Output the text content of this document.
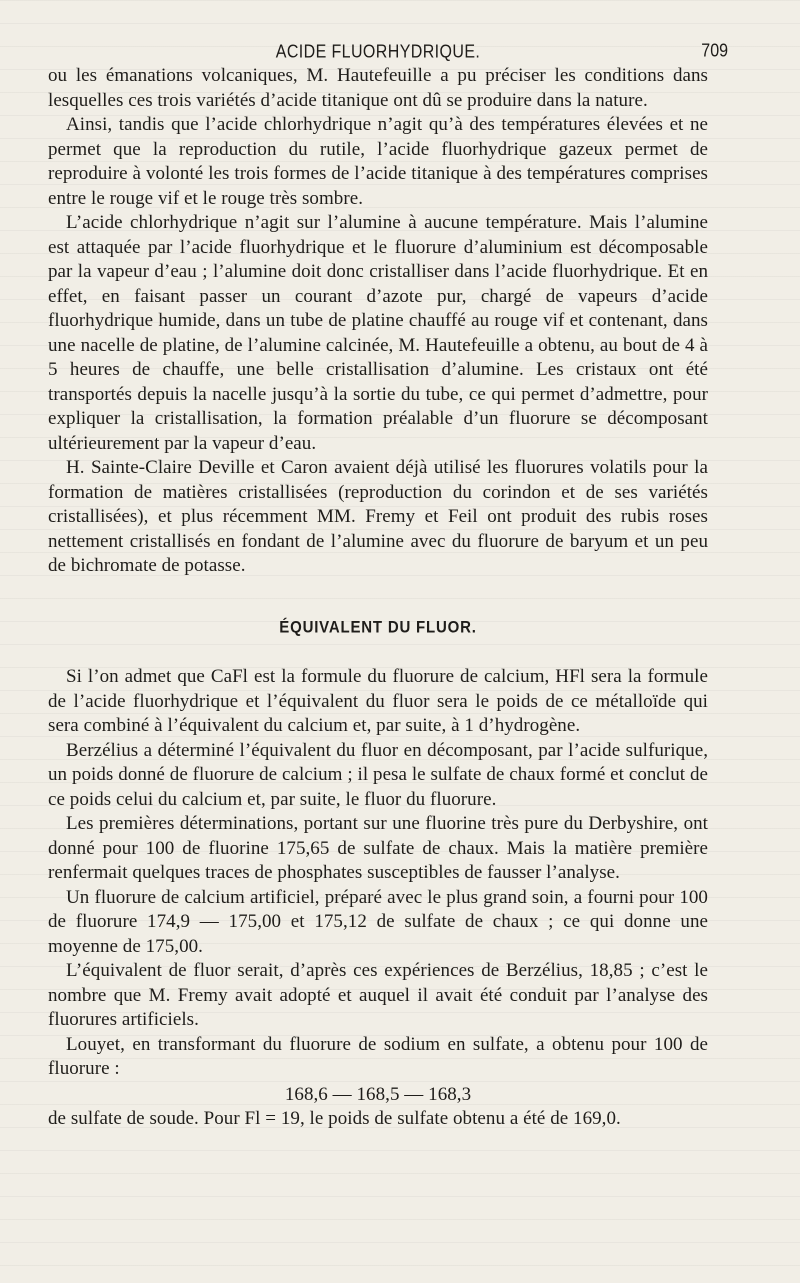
ACIDE FLUORHYDRIQUE.	709

ou les émanations volcaniques, M. Hautefeuille a pu préciser les conditions dans lesquelles ces trois variétés d’acide titanique ont dû se produire dans la nature.

Ainsi, tandis que l’acide chlorhydrique n’agit qu’à des températures élevées et ne permet que la reproduction du rutile, l’acide fluorhydrique gazeux permet de reproduire à volonté les trois formes de l’acide titanique à des températures comprises entre le rouge vif et le rouge très sombre.

L’acide chlorhydrique n’agit sur l’alumine à aucune température. Mais l’alumine est attaquée par l’acide fluorhydrique et le fluorure d’aluminium est décomposable par la vapeur d’eau ; l’alumine doit donc cristalliser dans l’acide fluorhydrique. Et en effet, en faisant passer un courant d’azote pur, chargé de vapeurs d’acide fluorhydrique humide, dans un tube de platine chauffé au rouge vif et contenant, dans une nacelle de platine, de l’alumine calcinée, M. Hautefeuille a obtenu, au bout de 4 à 5 heures de chauffe, une belle cristallisation d’alumine. Les cristaux ont été transportés depuis la nacelle jusqu’à la sortie du tube, ce qui permet d’admettre, pour expliquer la cristallisation, la formation préalable d’un fluorure se décomposant ultérieurement par la vapeur d’eau.

H. Sainte-Claire Deville et Caron avaient déjà utilisé les fluorures volatils pour la formation de matières cristallisées (reproduction du corindon et de ses variétés cristallisées), et plus récemment MM. Fremy et Feil ont produit des rubis roses nettement cristallisés en fondant de l’alumine avec du fluorure de baryum et un peu de bichromate de potasse.

ÉQUIVALENT DU FLUOR.

Si l’on admet que CaFl est la formule du fluorure de calcium, HFl sera la formule de l’acide fluorhydrique et l’équivalent du fluor sera le poids de ce métalloïde qui sera combiné à l’équivalent du calcium et, par suite, à 1 d’hydrogène.

Berzélius a déterminé l’équivalent du fluor en décomposant, par l’acide sulfurique, un poids donné de fluorure de calcium ; il pesa le sulfate de chaux formé et conclut de ce poids celui du calcium et, par suite, le fluor du fluorure.

Les premières déterminations, portant sur une fluorine très pure du Derbyshire, ont donné pour 100 de fluorine 175,65 de sulfate de chaux. Mais la matière première renfermait quelques traces de phosphates susceptibles de fausser l’analyse.

Un fluorure de calcium artificiel, préparé avec le plus grand soin, a fourni pour 100 de fluorure 174,9 — 175,00 et 175,12 de sulfate de chaux ; ce qui donne une moyenne de 175,00.

L’équivalent de fluor serait, d’après ces expériences de Berzélius, 18,85 ; c’est le nombre que M. Fremy avait adopté et auquel il avait été conduit par l’analyse des fluorures artificiels.

Louyet, en transformant du fluorure de sodium en sulfate, a obtenu pour 100 de fluorure :

168,6 — 168,5 — 168,3

de sulfate de soude. Pour Fl = 19, le poids de sulfate obtenu a été de 169,0.
